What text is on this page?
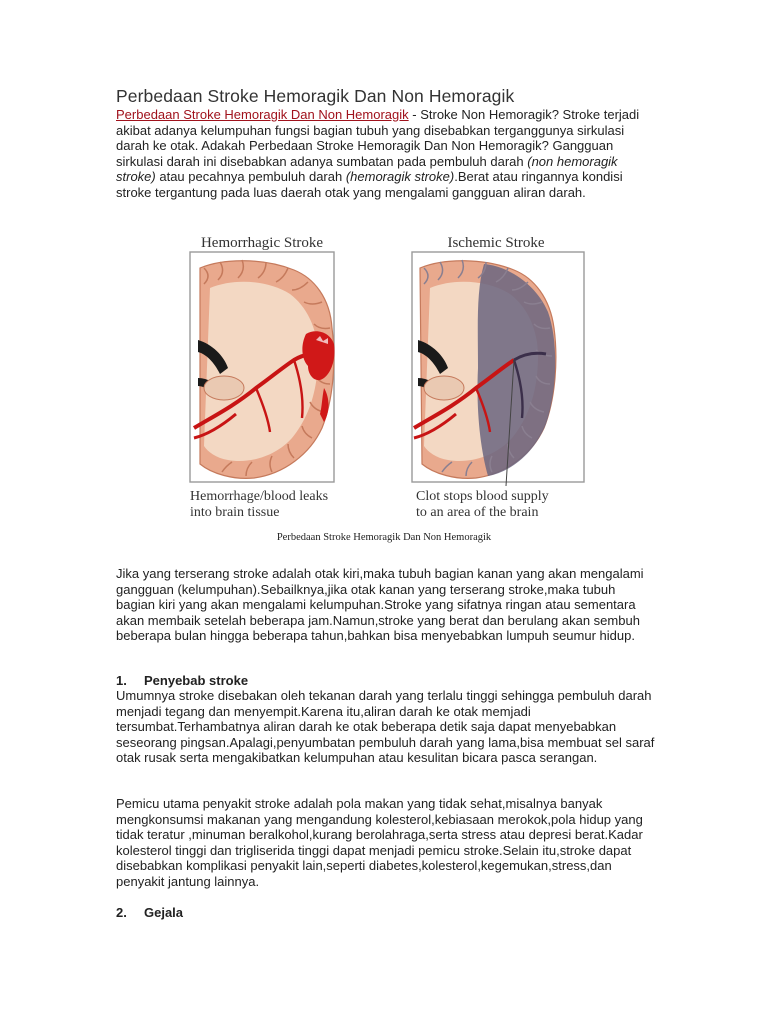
Perbedaan Stroke Hemoragik Dan Non Hemoragik
Perbedaan Stroke Hemoragik Dan Non Hemoragik - Stroke Non Hemoragik? Stroke terjadi akibat adanya kelumpuhan fungsi bagian tubuh yang disebabkan terganggunya sirkulasi darah ke otak. Adakah Perbedaan Stroke Hemoragik Dan Non Hemoragik? Gangguan sirkulasi darah ini disebabkan adanya sumbatan pada pembuluh darah (non hemoragik stroke) atau pecahnya pembuluh darah (hemoragik stroke).Berat atau ringannya kondisi stroke tergantung pada luas daerah otak yang mengalami gangguan aliran darah.
Hemorrhagic Stroke
Hemorrhage/blood leaks
into brain tissue
Ischemic Stroke
Clot stops blood supply
to an area of the brain
Perbedaan Stroke Hemoragik Dan Non Hemoragik
Jika yang terserang stroke adalah otak kiri,maka tubuh bagian kanan yang akan mengalami gangguan (kelumpuhan).Sebailknya,jika otak kanan yang terserang stroke,maka tubuh bagian kiri yang akan mengalami kelumpuhan.Stroke yang sifatnya ringan atau sementara akan membaik setelah beberapa jam.Namun,stroke yang berat dan berulang akan sembuh beberapa bulan hingga beberapa tahun,bahkan bisa menyebabkan lumpuh seumur hidup.
1. Penyebab stroke
Umumnya stroke disebakan oleh tekanan darah yang terlalu tinggi sehingga pembuluh darah menjadi tegang dan menyempit.Karena itu,aliran darah ke otak memjadi tersumbat.Terhambatnya aliran darah ke otak beberapa detik saja dapat menyebabkan seseorang pingsan.Apalagi,penyumbatan pembuluh darah yang lama,bisa membuat sel saraf otak rusak serta mengakibatkan kelumpuhan atau kesulitan bicara pasca serangan.
Pemicu utama penyakit stroke adalah pola makan yang tidak sehat,misalnya banyak mengkonsumsi makanan yang mengandung kolesterol,kebiasaan merokok,pola hidup yang tidak teratur ,minuman beralkohol,kurang berolahraga,serta stress atau depresi berat.Kadar kolesterol tinggi dan trigliserida tinggi dapat menjadi pemicu stroke.Selain itu,stroke dapat disebabkan komplikasi penyakit lain,seperti diabetes,kolesterol,kegemukan,stress,dan penyakit jantung lainnya.
2. Gejala
